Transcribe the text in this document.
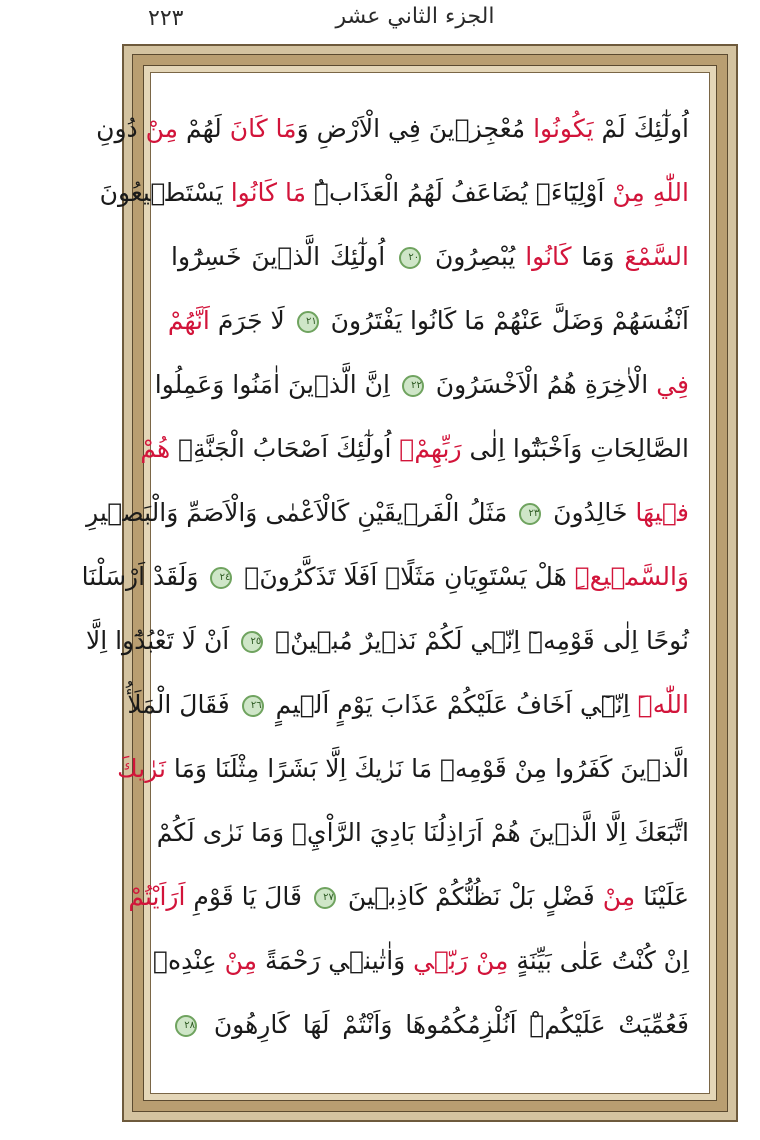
الجزء الثاني عشر
٢٢٣
اُولٰٓئِكَ لَمْ يَكُونُوا مُعْجِز۪ينَ فِي الْاَرْضِ وَمَا كَانَ لَهُمْ مِنْ دُونِ
اللّٰهِ مِنْ اَوْلِيَٓاءَۢ يُضَاعَفُ لَهُمُ الْعَذَابُۜ مَا كَانُوا يَسْتَط۪يعُونَ
السَّمْعَ وَمَا كَانُوا يُبْصِرُونَ ٢٠ اُولٰٓئِكَ الَّذ۪ينَ خَسِرُٓوا
اَنْفُسَهُمْ وَضَلَّ عَنْهُمْ مَا كَانُوا يَفْتَرُونَ ٢١ لَا جَرَمَ اَنَّهُمْ
فِي الْاٰخِرَةِ هُمُ الْاَخْسَرُونَ ٢٢ اِنَّ الَّذ۪ينَ اٰمَنُوا وَعَمِلُوا
الصَّالِحَاتِ وَاَخْبَتُٓوا اِلٰى رَبِّهِمْۙ اُولٰٓئِكَ اَصْحَابُ الْجَنَّةِۚ هُمْ
ف۪يهَا خَالِدُونَ ٢٣ مَثَلُ الْفَر۪يقَيْنِ كَالْاَعْمٰى وَالْاَصَمِّ وَالْبَص۪يرِ
وَالسَّم۪يعِۜ هَلْ يَسْتَوِيَانِ مَثَلًاۜ اَفَلَا تَذَكَّرُونَ۟ ٢٤ وَلَقَدْ اَرْسَلْنَا
نُوحًا اِلٰى قَوْمِه۪ٓ اِنّ۪ي لَكُمْ نَذ۪يرٌ مُب۪ينٌۙ ٢٥ اَنْ لَا تَعْبُدُٓوا اِلَّا
اللّٰهَۜ اِنّ۪ٓي اَخَافُ عَلَيْكُمْ عَذَابَ يَوْمٍ اَل۪يمٍ ٢٦ فَقَالَ الْمَلَأُ
الَّذ۪ينَ كَفَرُوا مِنْ قَوْمِه۪ مَا نَرٰيكَ اِلَّا بَشَرًا مِثْلَنَا وَمَا نَرٰيكَ
اتَّبَعَكَ اِلَّا الَّذ۪ينَ هُمْ اَرَاذِلُنَا بَادِيَ الرَّاْيِۚ وَمَا نَرٰى لَكُمْ
عَلَيْنَا مِنْ فَضْلٍ بَلْ نَظُنُّكُمْ كَاذِب۪ينَ ٢٧ قَالَ يَا قَوْمِ اَرَاَيْتُمْ
اِنْ كُنْتُ عَلٰى بَيِّنَةٍ مِنْ رَبّ۪ي وَاٰتٰين۪ي رَحْمَةً مِنْ عِنْدِه۪
فَعُمِّيَتْ عَلَيْكُمْۜ اَنُلْزِمُكُمُوهَا وَاَنْتُمْ لَهَا كَارِهُونَ ٢٨
